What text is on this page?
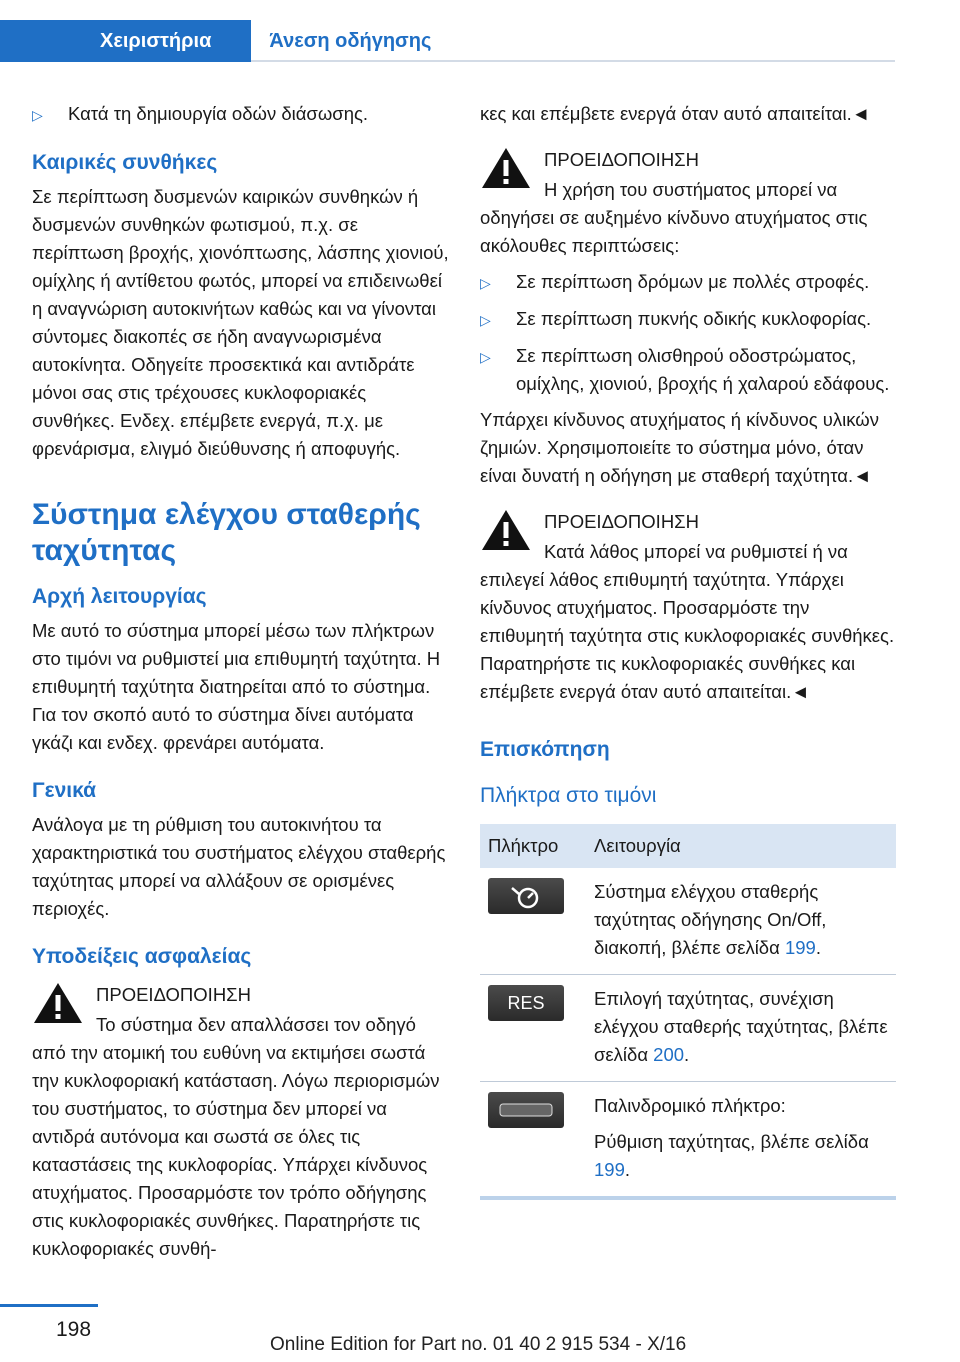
Χειριστήρια	Άνεση οδήγησης
▷	Κατά τη δημιουργία οδών διάσωσης.
Καιρικές συνθήκες

Σε περίπτωση δυσμενών καιρικών συνθηκών ή δυσμενών συνθηκών φωτισμού, π.χ. σε περίπτωση βροχής, χιονόπτωσης, λάσπης χιονιού, ομίχλης ή αντίθετου φωτός, μπορεί να επιδεινωθεί η αναγνώριση αυτοκινήτων καθώς και να γίνονται σύντομες διακοπές σε ήδη αναγνωρισμένα αυτοκίνητα. Οδηγείτε προσεκτικά και αντιδράτε μόνοι σας στις τρέχουσες κυκλοφοριακές συνθήκες. Ενδεχ. επέμβετε ενεργά, π.χ. με φρενάρισμα, ελιγμό διεύθυνσης ή αποφυγής.

Σύστημα ελέγχου σταθερής ταχύτητας
Αρχή λειτουργίας

Με αυτό το σύστημα μπορεί μέσω των πλήκτρων στο τιμόνι να ρυθμιστεί μια επιθυμητή ταχύτητα. Η επιθυμητή ταχύτητα διατηρείται από το σύστημα. Για τον σκοπό αυτό το σύστημα δίνει αυτόματα γκάζι και ενδεχ. φρενάρει αυτόματα.

Γενικά

Ανάλογα με τη ρύθμιση του αυτοκινήτου τα χαρακτηριστικά του συστήματος ελέγχου σταθερής ταχύτητας μπορεί να αλλάξουν σε ορισμένες περιοχές.

Υποδείξεις ασφαλείας
ΠΡΟΕΙΔΟΠΟΙΗΣΗ

Το σύστημα δεν απαλλάσσει τον οδηγό από την ατομική του ευθύνη να εκτιμήσει σωστά την κυκλοφοριακή κατάσταση. Λόγω περιορισμών του συστήματος, το σύστημα δεν μπορεί να αντιδρά αυτόνομα και σωστά σε όλες τις καταστάσεις της κυκλοφορίας. Υπάρχει κίνδυνος ατυχήματος. Προσαρμόστε τον τρόπο οδήγησης στις κυκλοφοριακές συνθήκες. Παρατηρήστε τις κυκλοφοριακές συνθή-

κες και επέμβετε ενεργά όταν αυτό απαιτείται.◄

ΠΡΟΕΙΔΟΠΟΙΗΣΗ

Η χρήση του συστήματος μπορεί να οδηγήσει σε αυξημένο κίνδυνο ατυχήματος στις ακόλουθες περιπτώσεις:

▷	Σε περίπτωση δρόμων με πολλές στροφές.
▷	Σε περίπτωση πυκνής οδικής κυκλοφορίας.
▷	Σε περίπτωση ολισθηρού οδοστρώματος, ομίχλης, χιονιού, βροχής ή χαλαρού εδάφους.

Υπάρχει κίνδυνος ατυχήματος ή κίνδυνος υλικών ζημιών. Χρησιμοποιείτε το σύστημα μόνο, όταν είναι δυνατή η οδήγηση με σταθερή ταχύτητα.◄

ΠΡΟΕΙΔΟΠΟΙΗΣΗ

Κατά λάθος μπορεί να ρυθμιστεί ή να επιλεγεί λάθος επιθυμητή ταχύτητα. Υπάρχει κίνδυνος ατυχήματος. Προσαρμόστε την επιθυμητή ταχύτητα στις κυκλοφοριακές συνθήκες. Παρατηρήστε τις κυκλοφοριακές συνθήκες και επέμβετε ενεργά όταν αυτό απαιτείται.◄

Επισκόπηση
Πλήκτρα στο τιμόνι
Πλήκτρο	Λειτουργία

	Σύστημα ελέγχου σταθερής ταχύτητας οδήγησης On/Off, διακοπή, βλέπε σελίδα 199.

RES	Επιλογή ταχύτητας, συνέχιση ελέγχου σταθερής ταχύτητας, βλέπε σελίδα 200.

Παλινδρομικό πλήκτρο:

Ρύθμιση ταχύτητας, βλέπε σελίδα 199.
198
Online Edition for Part no. 01 40 2 915 534 - X/16
